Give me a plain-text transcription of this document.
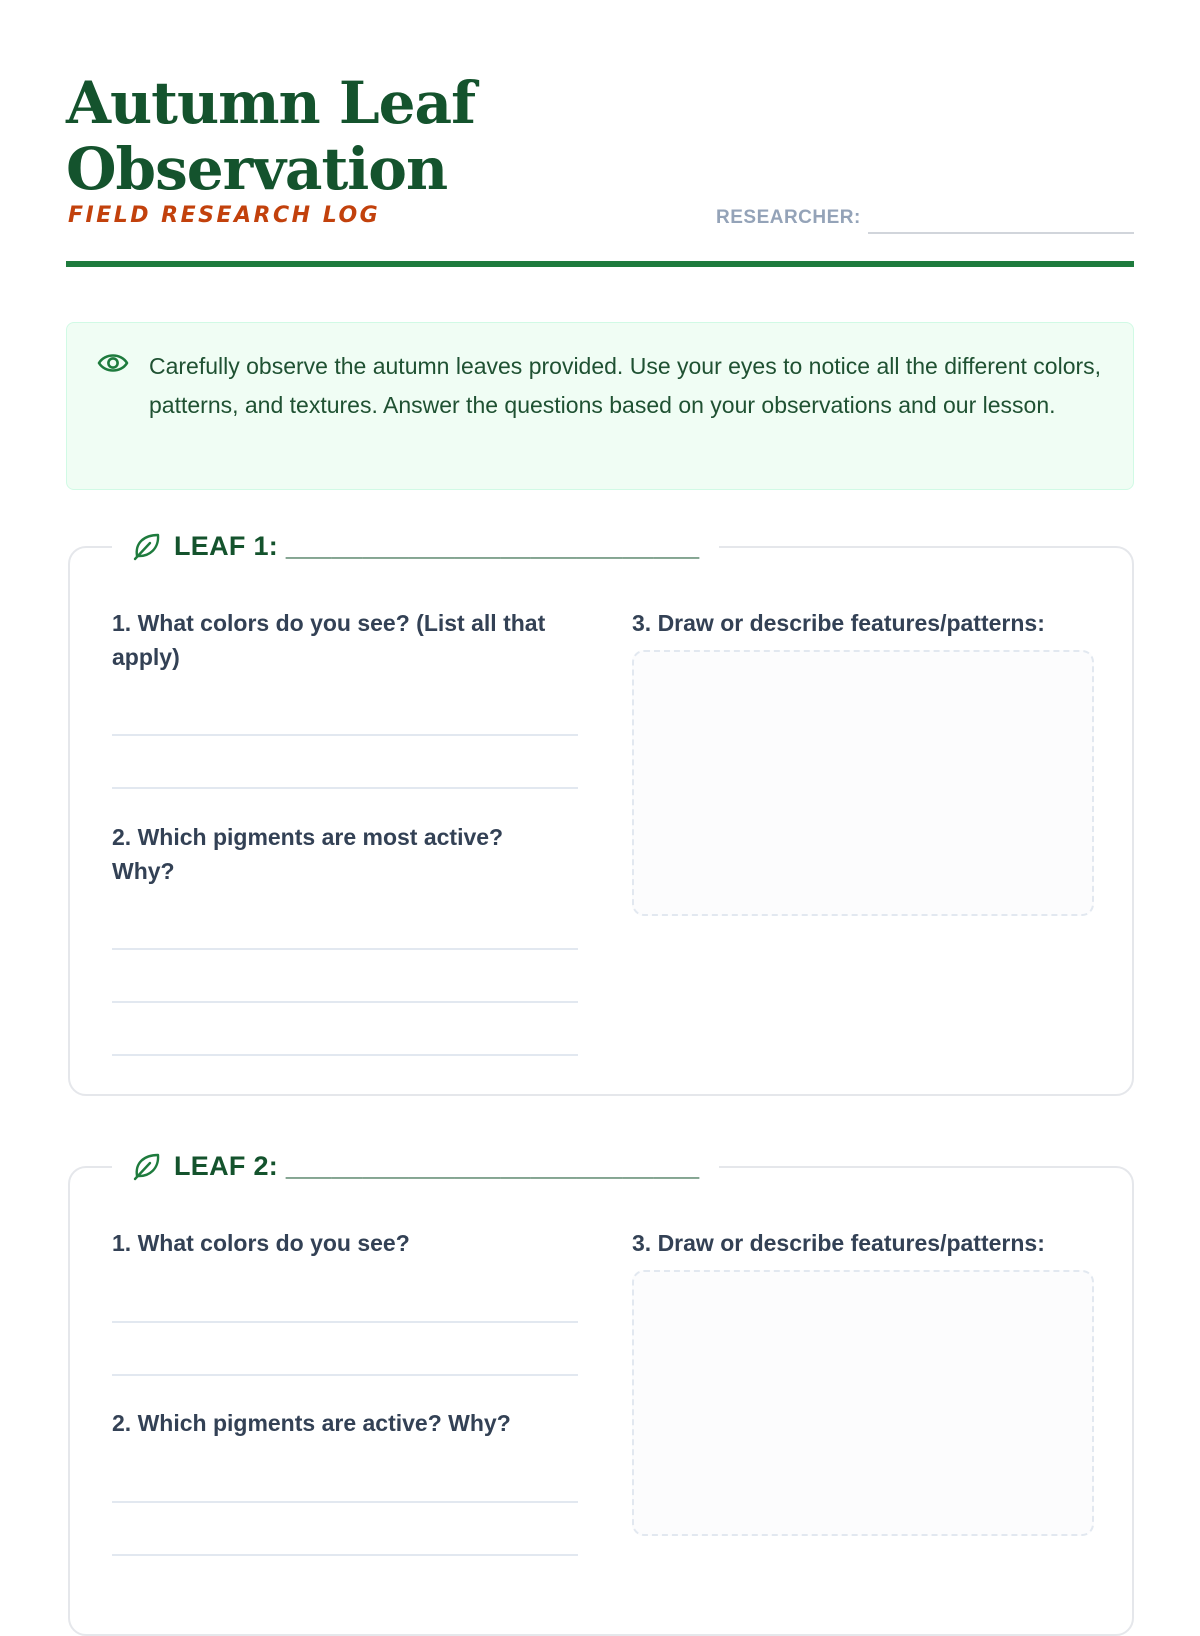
Autumn Leaf Observation
FIELD RESEARCH LOG	RESEARCHER:
Carefully observe the autumn leaves provided. Use your eyes to notice all the different colors, patterns, and textures. Answer the questions based on your observations and our lesson.
LEAF 1: ___________________________
1. What colors do you see? (List all that apply)
2. Which pigments are most active? Why?
3. Draw or describe features/patterns:
LEAF 2: ___________________________
1. What colors do you see?
2. Which pigments are active? Why?
3. Draw or describe features/patterns:
